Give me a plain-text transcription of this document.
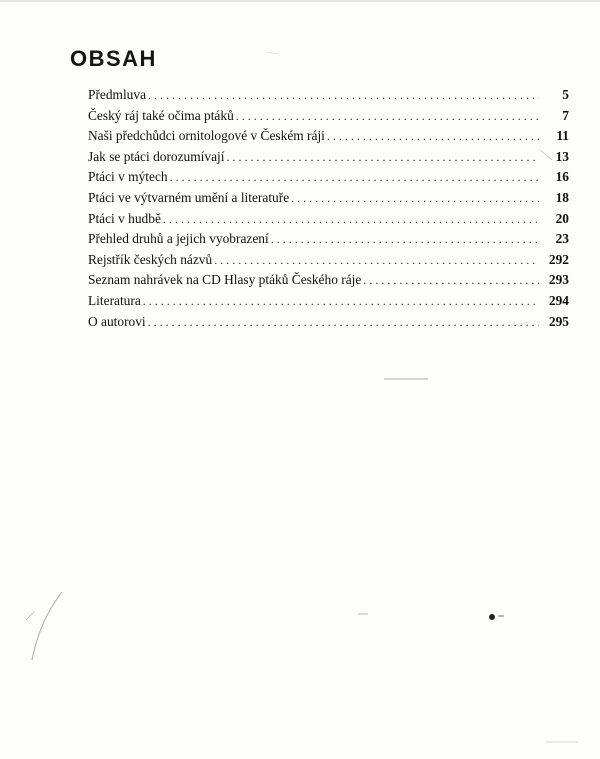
OBSAH
Předmluva . . .	5
Český ráj také očima ptáků . . .	7
Naši předchůdci ornitologové v Českém ráji . . .	11
Jak se ptáci dorozumívají . . .	13
Ptáci v mýtech . . .	16
Ptáci ve výtvarném umění a literatuře . . .	18
Ptáci v hudbě . . .	20
Přehled druhů a jejich vyobrazení . . .	23
Rejstřík českých názvů . . .	292
Seznam nahrávek na CD Hlasy ptáků Českého ráje . . .	293
Literatura . . .	294
O autorovi . . .	295
